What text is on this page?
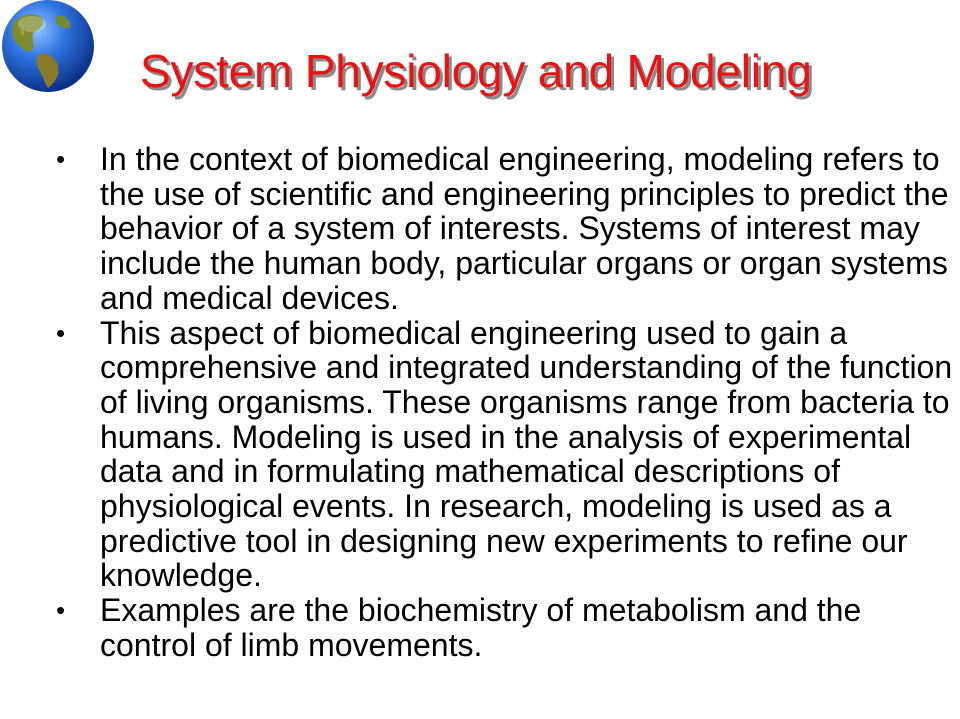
System Physiology and Modeling
• In the context of biomedical engineering, modeling refers to the use of scientific and engineering principles to predict the behavior of a system of interests. Systems of interest may include the human body, particular organs or organ systems and medical devices.
• This aspect of biomedical engineering used to gain a comprehensive and integrated understanding of the function of living organisms. These organisms range from bacteria to humans. Modeling is used in the analysis of experimental data and in formulating mathematical descriptions of physiological events. In research, modeling is used as a predictive tool in designing new experiments to refine our knowledge.
• Examples are the biochemistry of metabolism and the control of limb movements.
